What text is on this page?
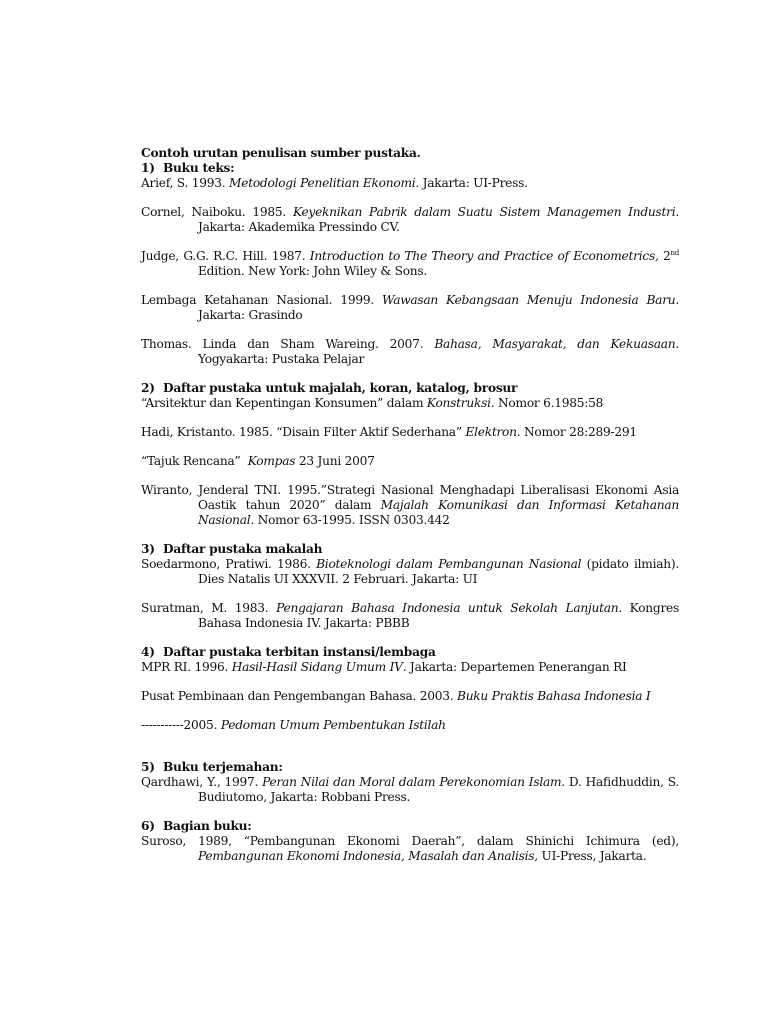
Contoh urutan penulisan sumber pustaka.
1) Buku teks:
Arief, S. 1993. Metodologi Penelitian Ekonomi. Jakarta: UI-Press.
Cornel, Naiboku. 1985. Keyeknikan Pabrik dalam Suatu Sistem Managemen Industri. Jakarta: Akademika Pressindo CV.
Judge, G.G. R.C. Hill. 1987. Introduction to The Theory and Practice of Econometrics, 2nd Edition. New York: John Wiley & Sons.
Lembaga Ketahanan Nasional. 1999. Wawasan Kebangsaan Menuju Indonesia Baru. Jakarta: Grasindo
Thomas. Linda dan Sham Wareing. 2007. Bahasa, Masyarakat, dan Kekuasaan. Yogyakarta: Pustaka Pelajar
2) Daftar pustaka untuk majalah, koran, katalog, brosur
“Arsitektur dan Kepentingan Konsumen” dalam Konstruksi. Nomor 6.1985:58
Hadi, Kristanto. 1985. “Disain Filter Aktif Sederhana” Elektron. Nomor 28:289-291
“Tajuk Rencana”  Kompas 23 Juni 2007
Wiranto, Jenderal TNI. 1995.”Strategi Nasional Menghadapi Liberalisasi Ekonomi Asia Oastik tahun 2020” dalam Majalah Komunikasi dan Informasi Ketahanan Nasional. Nomor 63-1995. ISSN 0303.442
3) Daftar pustaka makalah
Soedarmono, Pratiwi. 1986. Bioteknologi dalam Pembangunan Nasional (pidato ilmiah). Dies Natalis UI XXXVII. 2 Februari. Jakarta: UI
Suratman, M. 1983. Pengajaran Bahasa Indonesia untuk Sekolah Lanjutan. Kongres Bahasa Indonesia IV. Jakarta: PBBB
4) Daftar pustaka terbitan instansi/lembaga
MPR RI. 1996. Hasil-Hasil Sidang Umum IV. Jakarta: Departemen Penerangan RI
Pusat Pembinaan dan Pengembangan Bahasa. 2003. Buku Praktis Bahasa Indonesia I
-----------2005. Pedoman Umum Pembentukan Istilah
5) Buku terjemahan:
Qardhawi, Y., 1997. Peran Nilai dan Moral dalam Perekonomian Islam. D. Hafidhuddin, S. Budiutomo, Jakarta: Robbani Press.
6) Bagian buku:
Suroso, 1989, “Pembangunan Ekonomi Daerah”, dalam Shinichi Ichimura (ed), Pembangunan Ekonomi Indonesia, Masalah dan Analisis, UI-Press, Jakarta.
